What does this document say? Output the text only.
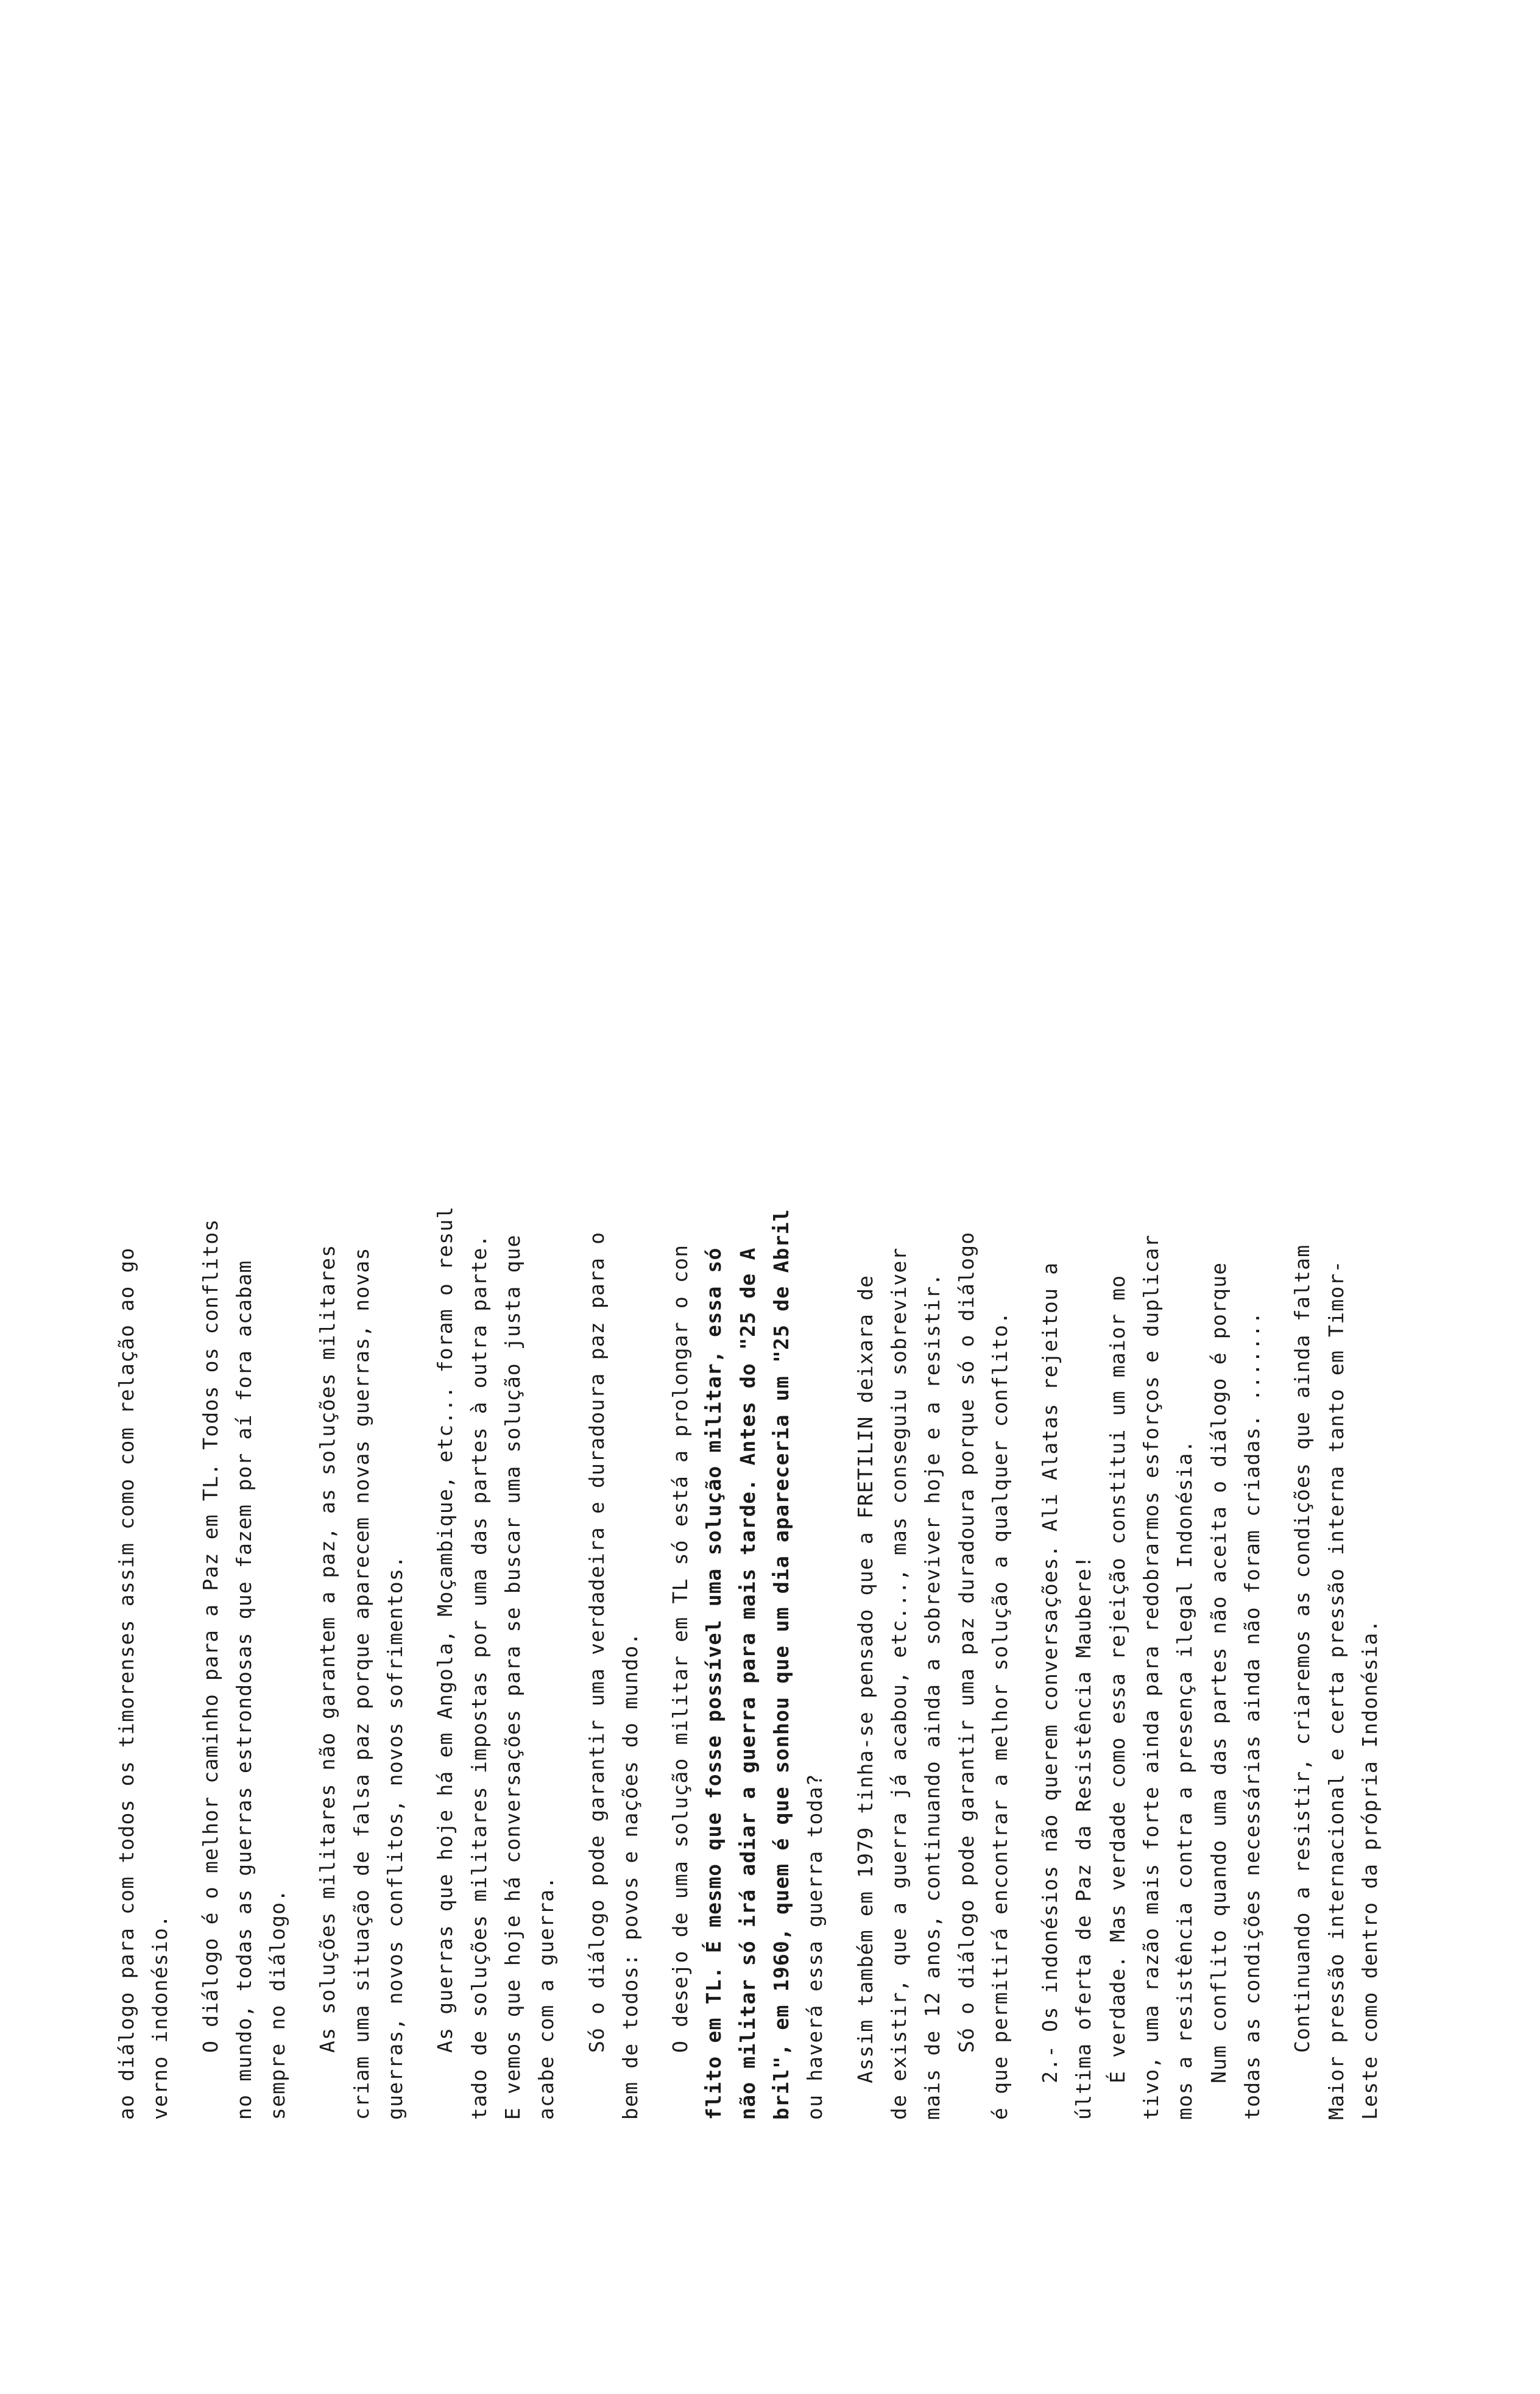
ao diálogo para com todos os timorenses assim como com relação ao go verno indonésio. O diálogo é o melhor caminho para a Paz em TL. Todos os conflitos no mundo, todas as guerras estrondosas que fazem por aí fora acabam sempre no diálogo. As soluções militares não garantem a paz, as soluções militares criam uma situação de falsa paz porque aparecem novas guerras, novas guerras, novos conflitos, novos sofrimentos. As guerras que hoje há em Angola, Moçambique, etc... foram o resul tado de soluções militares impostas por uma das partes à outra parte. E vemos que hoje há conversações para se buscar uma solução justa que acabe com a guerra. Só o diálogo pode garantir uma verdadeira e duradoura paz para o bem de todos: povos e nações do mundo. O desejo de uma solução militar em TL só está a prolongar o con flito em TL. É mesmo que fosse possível uma solução militar, essa só não militar só irá adiar a guerra para mais tarde. Antes do "25 de A bril", em 1960, quem é que sonhou que um dia apareceria um "25 de Abril ou haverá essa guerra toda? Assim também em 1979 tinha-se pensado que a FRETILIN deixara de de existir, que a guerra já acabou, etc..., mas conseguiu sobreviver mais de 12 anos, continuando ainda a sobreviver hoje e a resistir. Só o diálogo pode garantir uma paz duradoura porque só o diálogo é que permitirá encontrar a melhor solução a qualquer conflito. 2.- Os indonésios não querem conversações. Ali Alatas rejeitou a última oferta de Paz da Resistência Maubere! É verdade. Mas verdade como essa rejeição constitui um maior mo tivo, uma razão mais forte ainda para redobrarmos esforços e duplicar mos a resistência contra a presença ilegal Indonésia. Num conflito quando uma das partes não aceita o diálogo é porque todas as condições necessárias ainda não foram criadas. ....... Continuando a resistir, criaremos as condições que ainda faltam Maior pressão internacional e certa pressão interna tanto em Timor- Leste como dentro da própria Indonésia.
